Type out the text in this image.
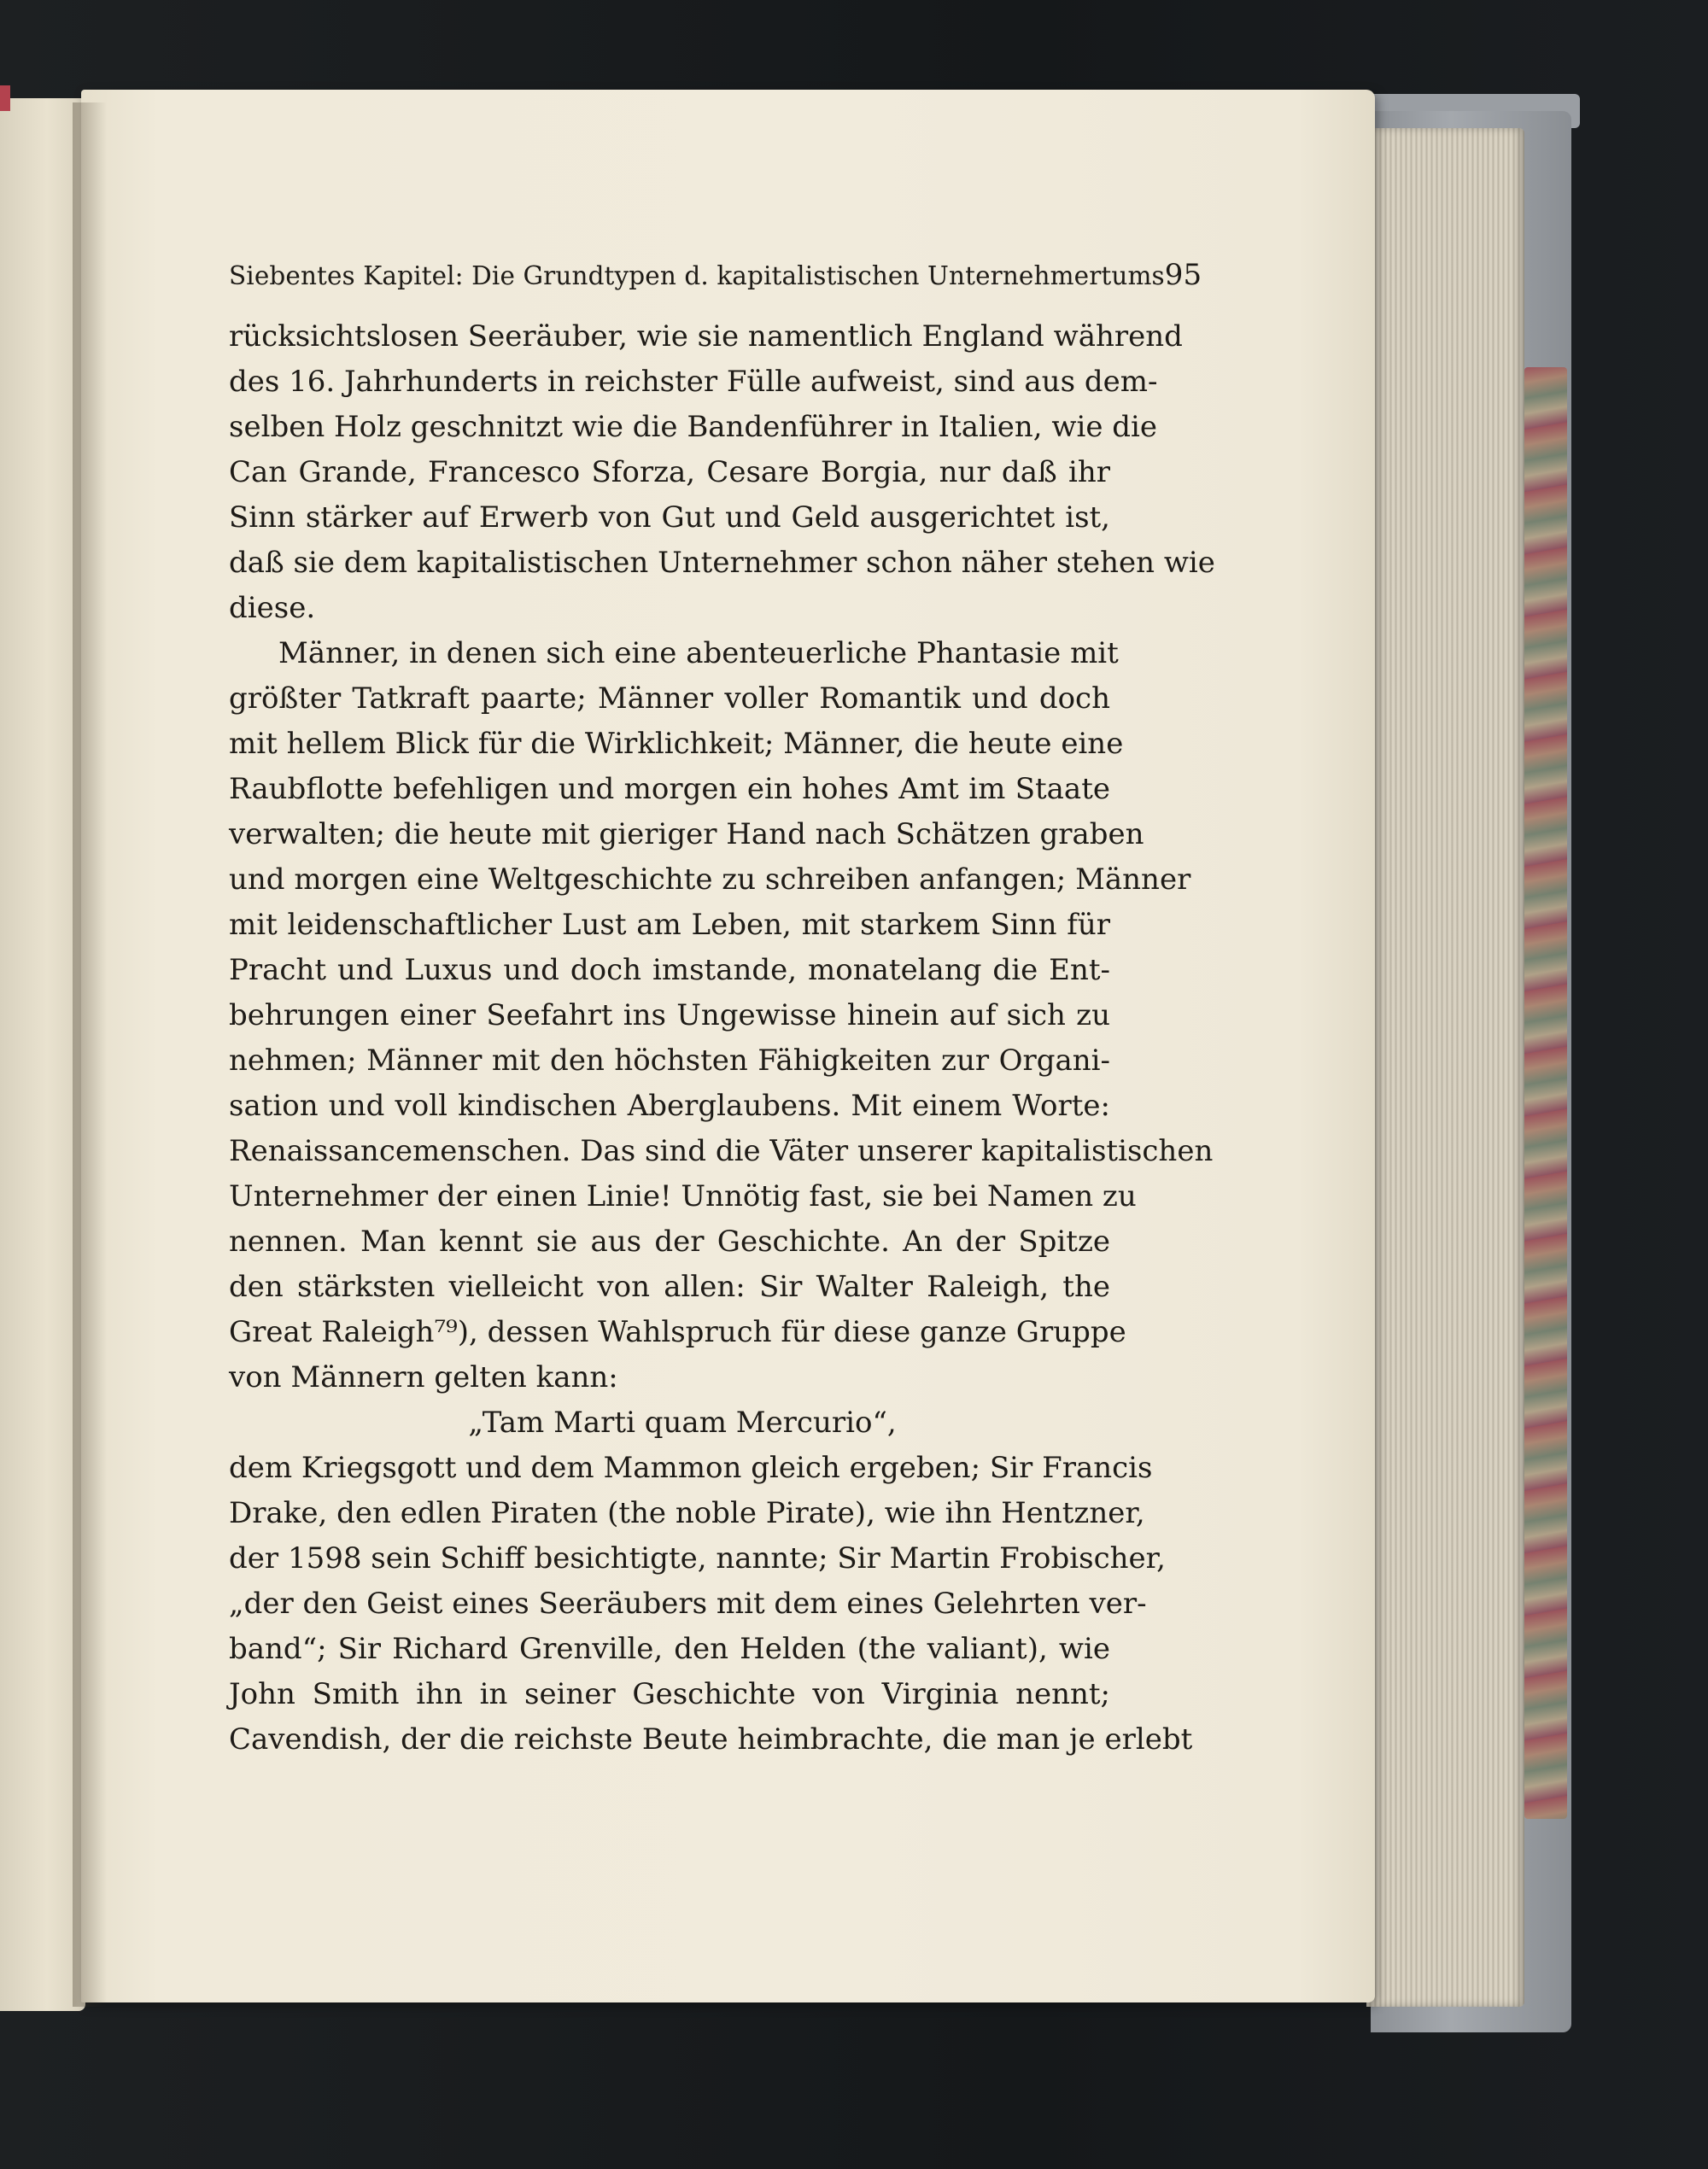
Siebentes Kapitel: Die Grundtypen d. kapitalistischen Unternehmertums 95
rücksichtslosen Seeräuber, wie sie namentlich England während
des 16. Jahrhunderts in reichster Fülle aufweist, sind aus dem-
selben Holz geschnitzt wie die Bandenführer in Italien, wie die
Can Grande, Francesco Sforza, Cesare Borgia, nur daß ihr
Sinn stärker auf Erwerb von Gut und Geld ausgerichtet ist,
daß sie dem kapitalistischen Unternehmer schon näher stehen wie
diese.
Männer, in denen sich eine abenteuerliche Phantasie mit
größter Tatkraft paarte; Männer voller Romantik und doch
mit hellem Blick für die Wirklichkeit; Männer, die heute eine
Raubflotte befehligen und morgen ein hohes Amt im Staate
verwalten; die heute mit gieriger Hand nach Schätzen graben
und morgen eine Weltgeschichte zu schreiben anfangen; Männer
mit leidenschaftlicher Lust am Leben, mit starkem Sinn für
Pracht und Luxus und doch imstande, monatelang die Ent-
behrungen einer Seefahrt ins Ungewisse hinein auf sich zu
nehmen; Männer mit den höchsten Fähigkeiten zur Organi-
sation und voll kindischen Aberglaubens. Mit einem Worte:
Renaissancemenschen. Das sind die Väter unserer kapitalistischen
Unternehmer der einen Linie! Unnötig fast, sie bei Namen zu
nennen. Man kennt sie aus der Geschichte. An der Spitze
den stärksten vielleicht von allen: Sir Walter Raleigh, the
Great Raleigh⁷⁹), dessen Wahlspruch für diese ganze Gruppe
von Männern gelten kann:
„Tam Marti quam Mercurio“,
dem Kriegsgott und dem Mammon gleich ergeben; Sir Francis
Drake, den edlen Piraten (the noble Pirate), wie ihn Hentzner,
der 1598 sein Schiff besichtigte, nannte; Sir Martin Frobischer,
„der den Geist eines Seeräubers mit dem eines Gelehrten ver-
band“; Sir Richard Grenville, den Helden (the valiant), wie
John Smith ihn in seiner Geschichte von Virginia nennt;
Cavendish, der die reichste Beute heimbrachte, die man je erlebt
